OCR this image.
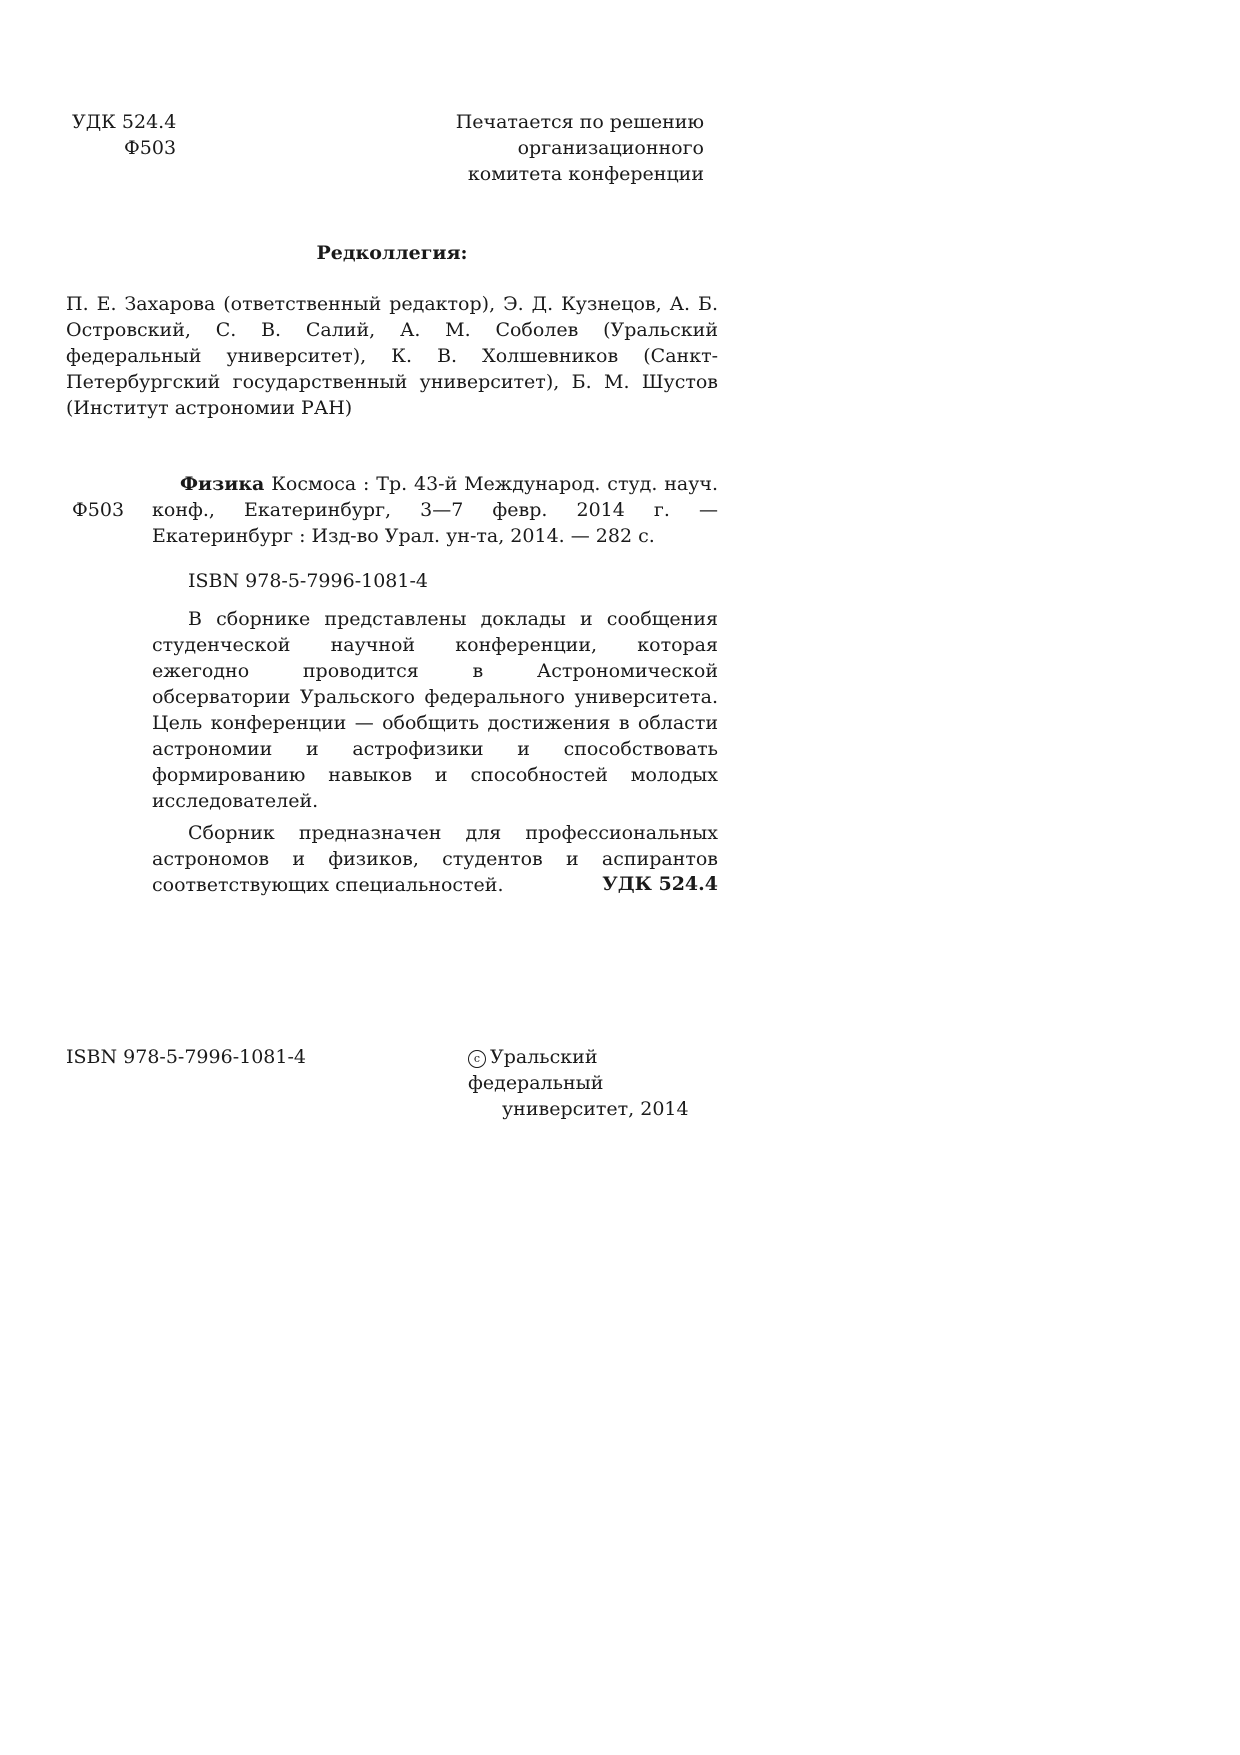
УДК 524.4
Ф503
Печатается по решению организационного комитета конференции
Редколлегия:
П. Е. Захарова (ответственный редактор), Э. Д. Кузнецов, А. Б. Островский, С. В. Салий, А. М. Соболев (Уральский федеральный университет), К. В. Холшевников (Санкт-Петербургский государственный университет), Б. М. Шустов (Институт астрономии РАН)
Ф503
Физика Космоса : Тр. 43-й Международ. студ. науч. конф., Екатеринбург, 3—7 февр. 2014 г. — Екатеринбург : Изд-во Урал. ун-та, 2014. — 282 с.
ISBN 978-5-7996-1081-4

В сборнике представлены доклады и сообщения студенческой научной конференции, которая ежегодно проводится в Астрономической обсерватории Уральского федерального университета. Цель конференции — обобщить достижения в области астрономии и астрофизики и способствовать формированию навыков и способностей молодых исследователей.

Сборник предназначен для профессиональных астрономов и физиков, студентов и аспирантов соответствующих специальностей.	УДК 524.4
ISBN 978-5-7996-1081-4	c Уральский федеральный
университет, 2014
